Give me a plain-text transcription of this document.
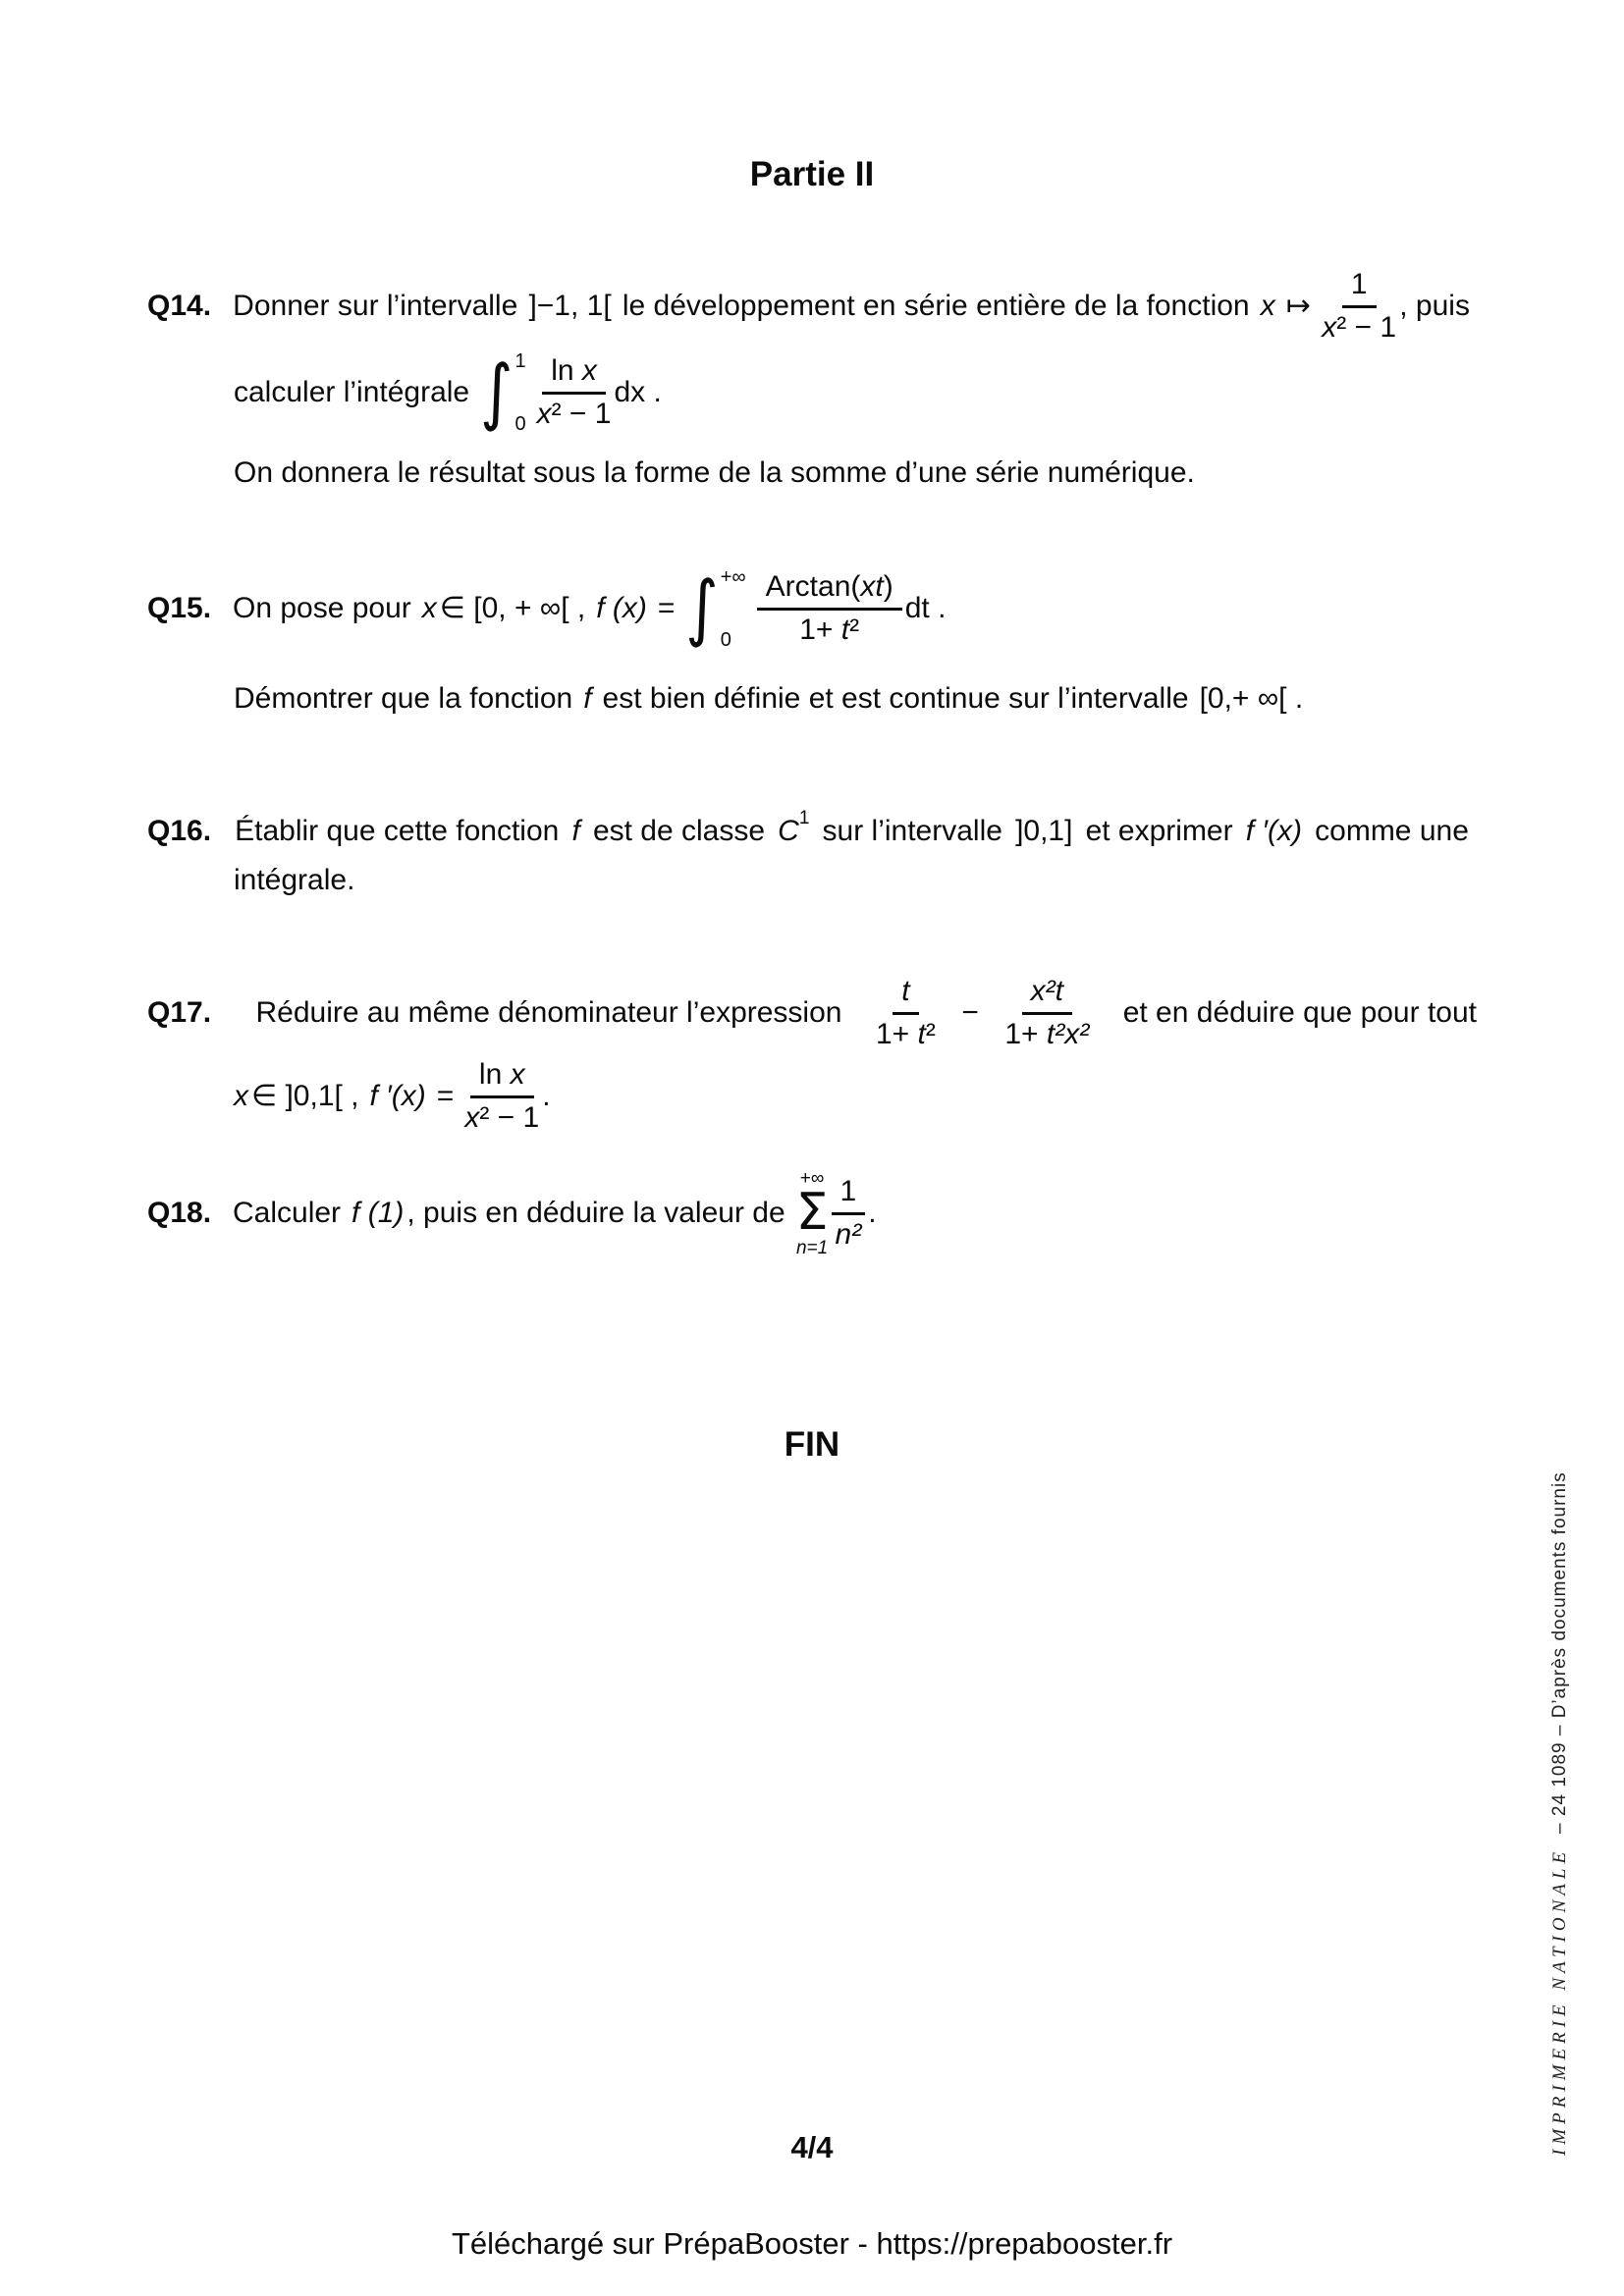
Partie II
Q14. Donner sur l’intervalle ]−1, 1[ le développement en série entière de la fonction x ↦ $\frac{1}{\text{x² − 1}}$ , puis
calculer l’intégrale ∫ 1
$0 \frac{\text{ln x}}{\text{x² − 1}}$ dx .
On donnera le résultat sous la forme de la somme d’une série numérique.
Q15. On pose pour x ∈ [0, + ∞[ , f (x) = ∫ +∞
$0 \frac{\text{Arctan(xt)}}{\text{1+ t²}}$ dt .
Démontrer que la fonction f est bien définie et est continue sur l’intervalle [0,+ ∞[ .
Q16. Établir que cette fonction f est de classe C 1 sur l’intervalle ]0,1] et exprimer f ′(x) comme une
intégrale.
Q17.	Réduire au même dénominateur l’expression $\frac{t}{\text{1+ t²}} - \frac{\text{x²t}}{\text{1+ t²x²}}$ et en déduire que pour tout
x ∈ ]0,1[ , f $'(x) = \frac{\text{ln x}}{\text{x² − 1}}$ .
Q18. Calculer f (1) , puis en déduire la valeur de
+∞
Σ
$n=1 \frac{1}{\text{n²}}$ .
FIN
4/4
Téléchargé sur PrépaBooster - https://prepabooster.fr
IMPRIMERIE NATIONALE
– 24 1089 – D’après documents fournis
